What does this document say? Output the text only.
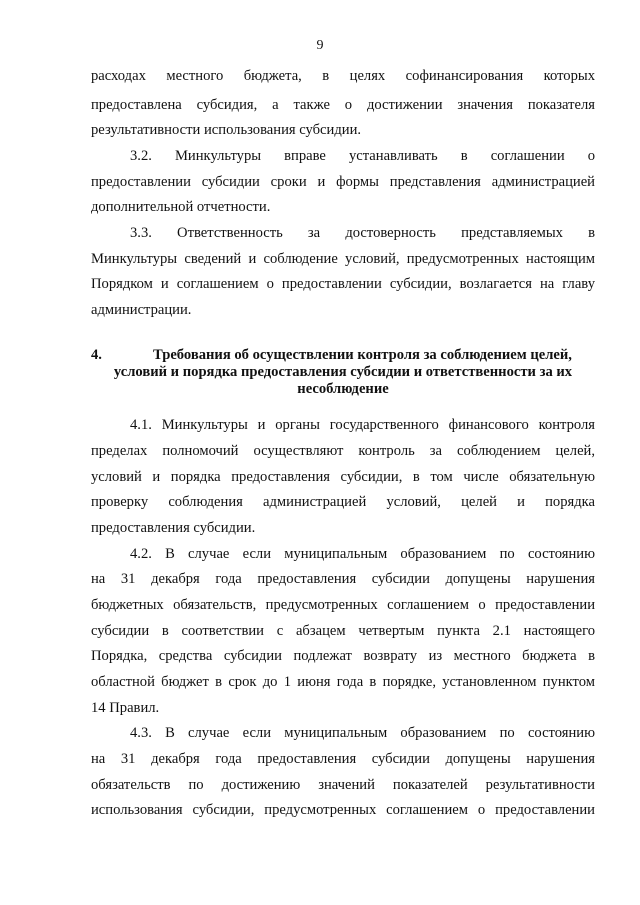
9
расходах местного бюджета, в целях софинансирования которых
предоставлена субсидия, а также о достижении значения показателя
результативности использования субсидии.
3.2. Минкультуры вправе устанавливать в соглашении о
предоставлении субсидии сроки и формы представления администрацией
дополнительной отчетности.
3.3. Ответственность за достоверность представляемых в
Минкультуры сведений и соблюдение условий, предусмотренных настоящим
Порядком и соглашением о предоставлении субсидии, возлагается на главу
администрации.
4.	Требования об осуществлении контроля за соблюдением целей,
условий и порядка предоставления субсидии и ответственности за их
несоблюдение
4.1. Минкультуры и органы государственного финансового контроля
пределах полномочий осуществляют контроль за соблюдением целей,
условий и порядка предоставления субсидии, в том числе обязательную
проверку соблюдения администрацией условий, целей и порядка
предоставления субсидии.
4.2. В случае если муниципальным образованием по состоянию
на 31 декабря года предоставления субсидии допущены нарушения
бюджетных обязательств, предусмотренных соглашением о предоставлении
субсидии в соответствии с абзацем четвертым пункта 2.1 настоящего
Порядка, средства субсидии подлежат возврату из местного бюджета в
областной бюджет в срок до 1 июня года в порядке, установленном пунктом
14 Правил.
4.3. В случае если муниципальным образованием по состоянию
на 31 декабря года предоставления субсидии допущены нарушения
обязательств по достижению значений показателей результативности
использования субсидии, предусмотренных соглашением о предоставлении
